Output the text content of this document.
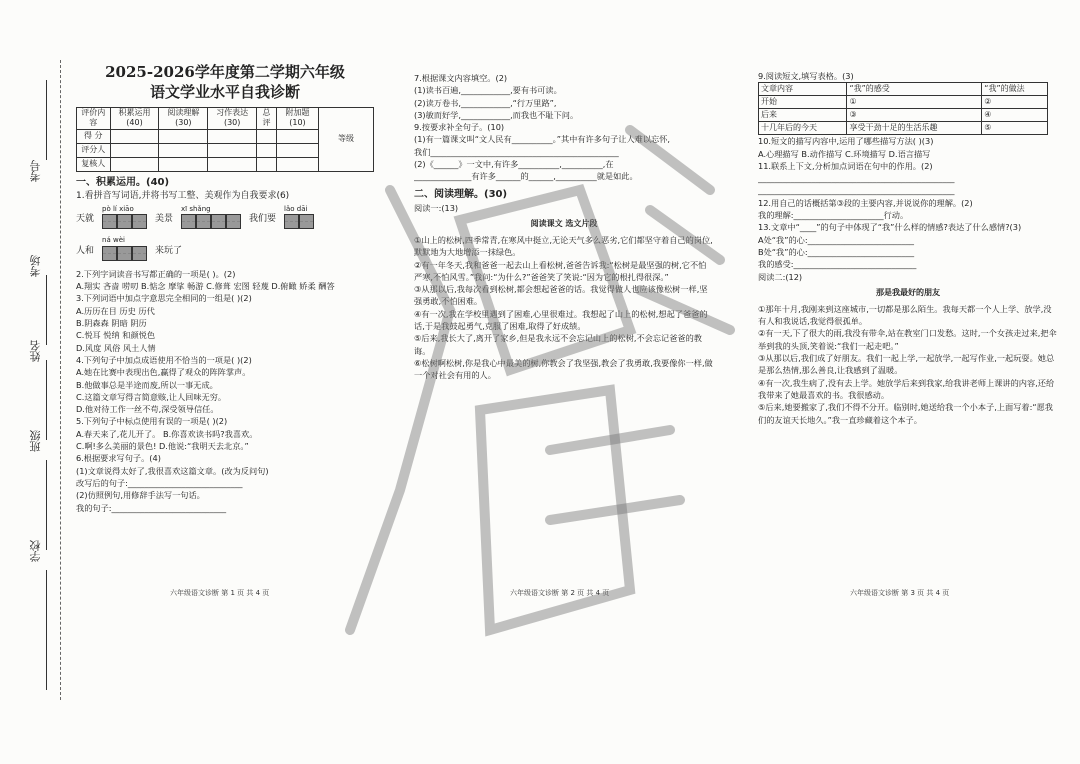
学校
班级
姓名
考场
考号

2025-2026学年度第二学期六年级

语文学业水平自我诊断

评价内容	积累运用(40)	阅读理解(30)	习作表达(30)	总评	附加题(10)	等级
得 分						
评分人						
复核人						

一、积累运用。(40)

1.看拼音写词语,并将书写工整、美观作为自我要求(6)

天就
pò lí xiāo
美景
xī shǎng
我们要
lǎo dāi
人和
ná wèi
来玩了

2.下列字词读音书写都正确的一项是( )。(2)

A.翔实 吝啬 唠叨 B.惦念 摩挲 畅游 C.修葺 宏图 轻蔑 D.俯瞰 娇柔 酬答

3.下列词语中加点字意思完全相同的一组是( )(2)

A.历历在目 历史 历代

B.阴森森 阴暗 阴历

C.悦耳 悦纳 和颜悦色

D.风度 风俗 风土人情

4.下列句子中加点成语使用不恰当的一项是( )(2)

A.她在比赛中表现出色,赢得了观众的阵阵掌声。

B.他做事总是半途而废,所以一事无成。

C.这篇文章写得言简意赅,让人回味无穷。

D.他对待工作一丝不苟,深受领导信任。

5.下列句子中标点使用有误的一项是( )(2)

A.春天来了,花儿开了。 B.你喜欢读书吗?我喜欢。

C.啊!多么美丽的景色! D.他说:“我明天去北京。”

6.根据要求写句子。(4)

(1)文章说得太好了,我很喜欢这篇文章。(改为反问句)

改写后的句子:____________________________

(2)仿照例句,用修辞手法写一句话。

我的句子:____________________________

六年级语文诊断 第 1 页 共 4 页

7.根据课文内容填空。(2)

(1)读书百遍,____________,要有书可读。

(2)读万卷书,____________,“行万里路”,

(3)敏而好学,____________,而我也不耻下问。

9.按要求补全句子。(10)

(1)有一篇课文叫“文人民有__________。”其中有许多句子让人难以忘怀,

我们______________________________________________

(2)《______》一文中,有许多__________,__________,在

______________有许多______的______,__________就是如此。

二、阅读理解。(30)

阅读一:(13)

阅读课文 选文片段

①山上的松树,四季常青,在寒风中挺立,无论天气多么恶劣,它们都坚守着自己的岗位,默默地为大地增添一抹绿色。

②有一年冬天,我和爸爸一起去山上看松树,爸爸告诉我:“松树是最坚强的树,它不怕严寒,不怕风雪。”我问:“为什么?”爸爸笑了笑说:“因为它的根扎得很深。”

③从那以后,我每次看到松树,都会想起爸爸的话。我觉得做人也应该像松树一样,坚强勇敢,不怕困难。

④有一次,我在学校里遇到了困难,心里很难过。我想起了山上的松树,想起了爸爸的话,于是我鼓起勇气,克服了困难,取得了好成绩。

⑤后来,我长大了,离开了家乡,但是我永远不会忘记山上的松树,不会忘记爸爸的教诲。

⑥松树啊松树,你是我心中最美的树,你教会了我坚强,教会了我勇敢,我要像你一样,做一个对社会有用的人。

六年级语文诊断 第 2 页 共 4 页

9.阅读短文,填写表格。(3)

文章内容	“我”的感受	“我”的做法
开始	①	②
后来	③	④
十几年后的今天	享受干劲十足的生活乐趣	⑤

10.短文的描写内容中,运用了哪些描写方法( )(3)

A.心理描写 B.动作描写 C.环境描写 D.语言描写

11.联系上下文,分析加点词语在句中的作用。(2)

________________________________________________

________________________________________________

12.用自己的话概括第③段的主要内容,并说说你的理解。(2)

我的理解:______________________行动。

13.文章中“____”的句子中体现了“我”什么样的情感?表达了什么感情?(3)

A处“我”的心:__________________________

B处“我”的心:__________________________

我的感受:______________________________

阅读二:(12)

那是我最好的朋友

①那年十月,我刚来到这座城市,一切都是那么陌生。我每天都一个人上学、放学,没有人和我说话,我觉得很孤单。

②有一天,下了很大的雨,我没有带伞,站在教室门口发愁。这时,一个女孩走过来,把伞举到我的头顶,笑着说:“我们一起走吧。”

③从那以后,我们成了好朋友。我们一起上学,一起放学,一起写作业,一起玩耍。她总是那么热情,那么善良,让我感到了温暖。

④有一次,我生病了,没有去上学。她放学后来到我家,给我讲老师上课讲的内容,还给我带来了她最喜欢的书。我很感动。

⑤后来,她要搬家了,我们不得不分开。临别时,她送给我一个小本子,上面写着:“愿我们的友谊天长地久。”我一直珍藏着这个本子。

六年级语文诊断 第 3 页 共 4 页
